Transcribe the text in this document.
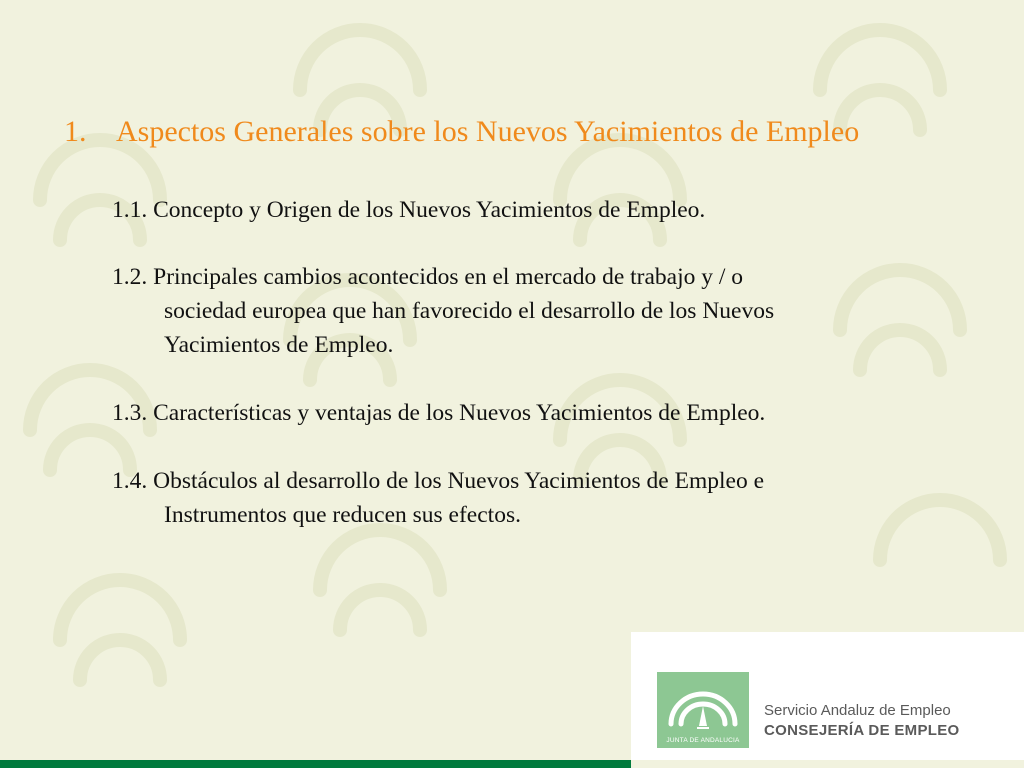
1. Aspectos Generales sobre los Nuevos Yacimientos de Empleo
1.1. Concepto y Origen de los Nuevos Yacimientos de Empleo.
1.2. Principales cambios acontecidos en el mercado de trabajo y / o
sociedad europea que han favorecido el desarrollo de los Nuevos
Yacimientos de Empleo.
1.3. Características y ventajas de los Nuevos Yacimientos de Empleo.
1.4. Obstáculos al desarrollo de los Nuevos Yacimientos de Empleo e
Instrumentos que reducen sus efectos.
JUNTA DE ANDALUCIA
Servicio Andaluz de Empleo
CONSEJERÍA DE EMPLEO
